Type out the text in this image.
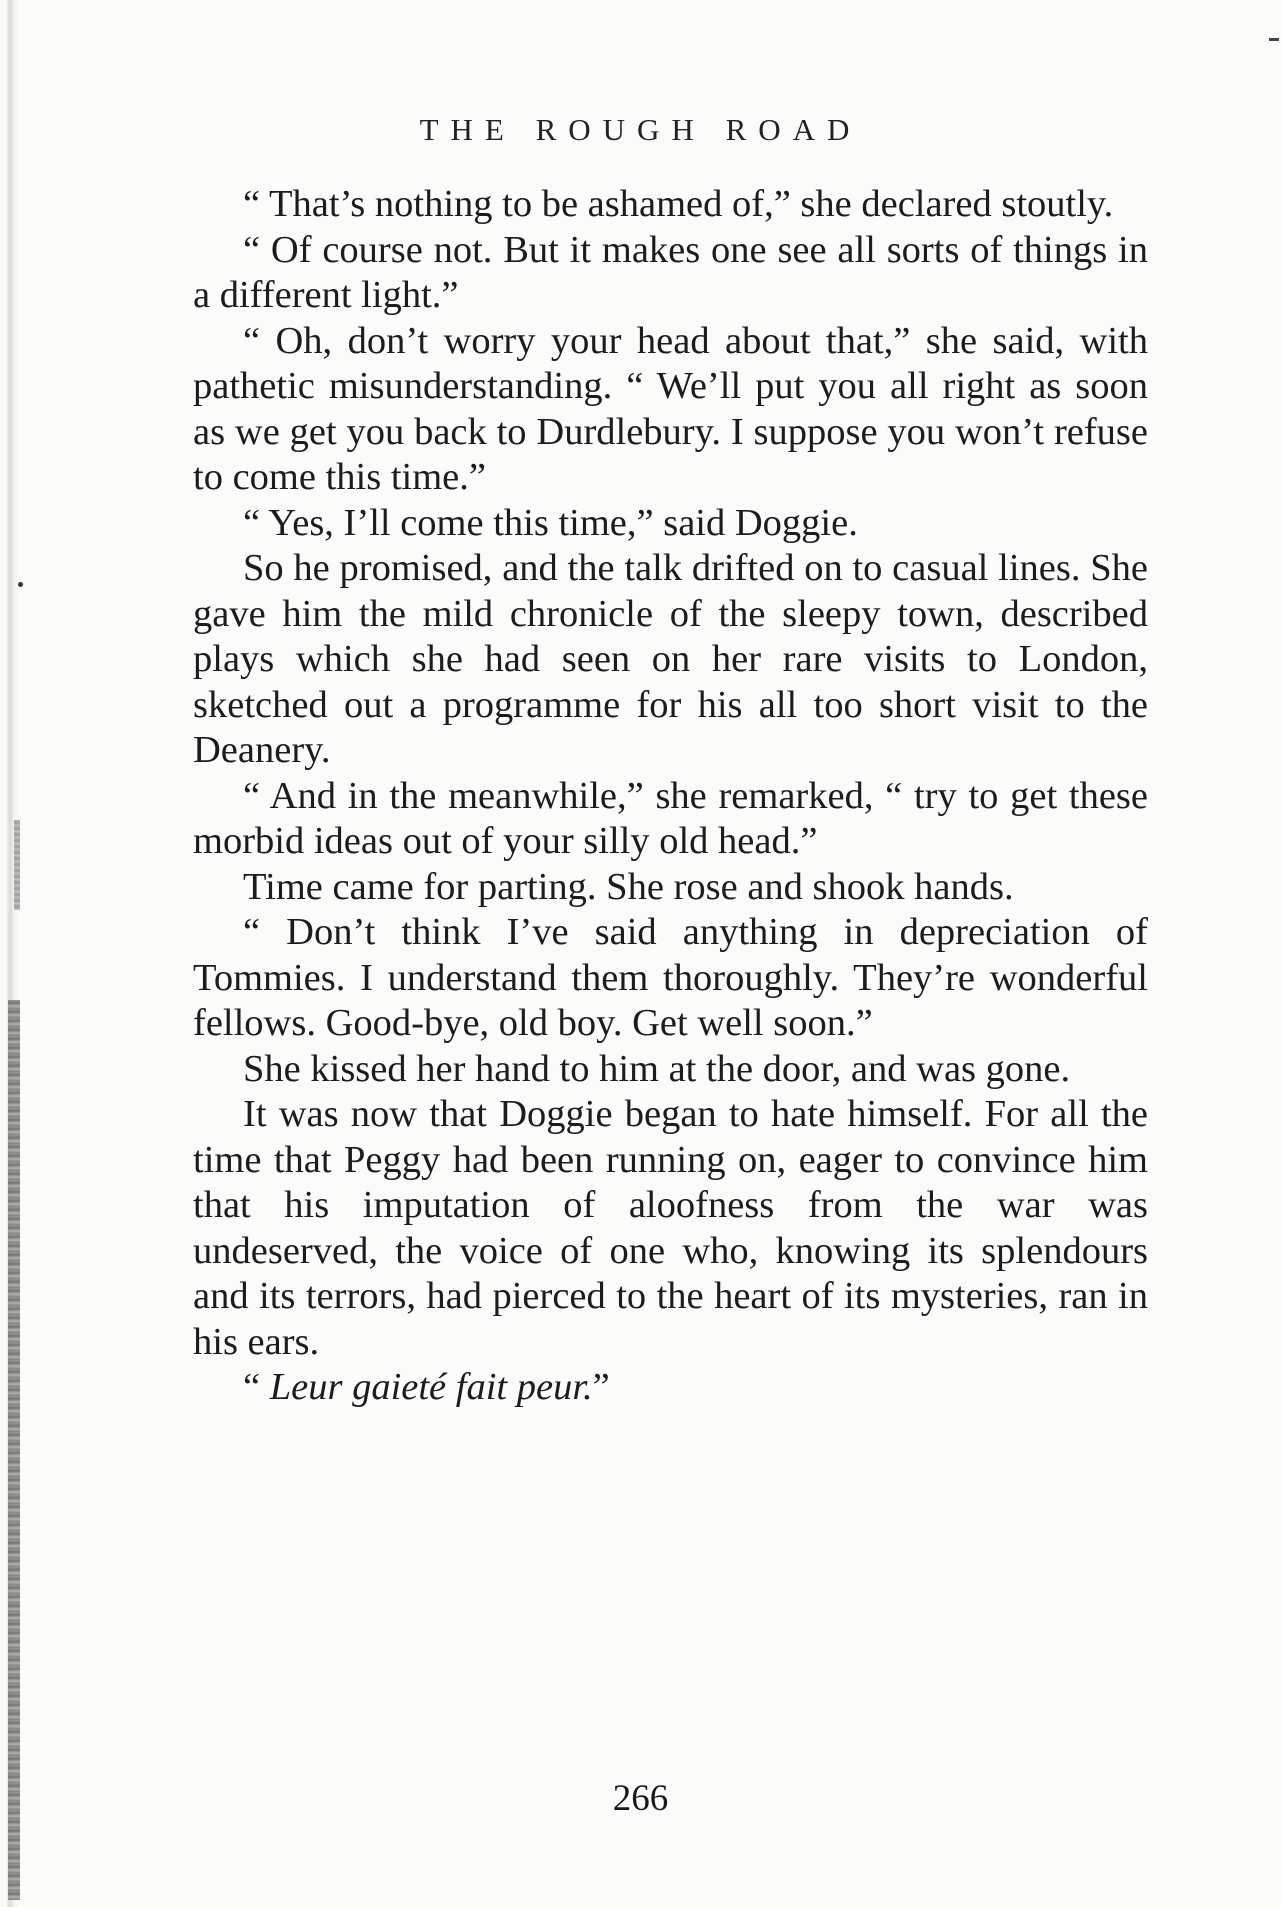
THE ROUGH ROAD

“ That’s nothing to be ashamed of,” she declared stoutly.

“ Of course not. But it makes one see all sorts of things in a different light.”

“ Oh, don’t worry your head about that,” she said, with pathetic misunderstanding. “ We’ll put you all right as soon as we get you back to Durdlebury. I suppose you won’t refuse to come this time.”

“ Yes, I’ll come this time,” said Doggie.

So he promised, and the talk drifted on to casual lines. She gave him the mild chronicle of the sleepy town, described plays which she had seen on her rare visits to London, sketched out a programme for his all too short visit to the Deanery.

“ And in the meanwhile,” she remarked, “ try to get these morbid ideas out of your silly old head.”

Time came for parting. She rose and shook hands.

“ Don’t think I’ve said anything in depreciation of Tommies. I understand them thoroughly. They’re wonderful fellows. Good-bye, old boy. Get well soon.”

She kissed her hand to him at the door, and was gone.

It was now that Doggie began to hate himself. For all the time that Peggy had been running on, eager to convince him that his imputation of aloofness from the war was undeserved, the voice of one who, knowing its splendours and its terrors, had pierced to the heart of its mysteries, ran in his ears.

“ Leur gaieté fait peur.”

266
